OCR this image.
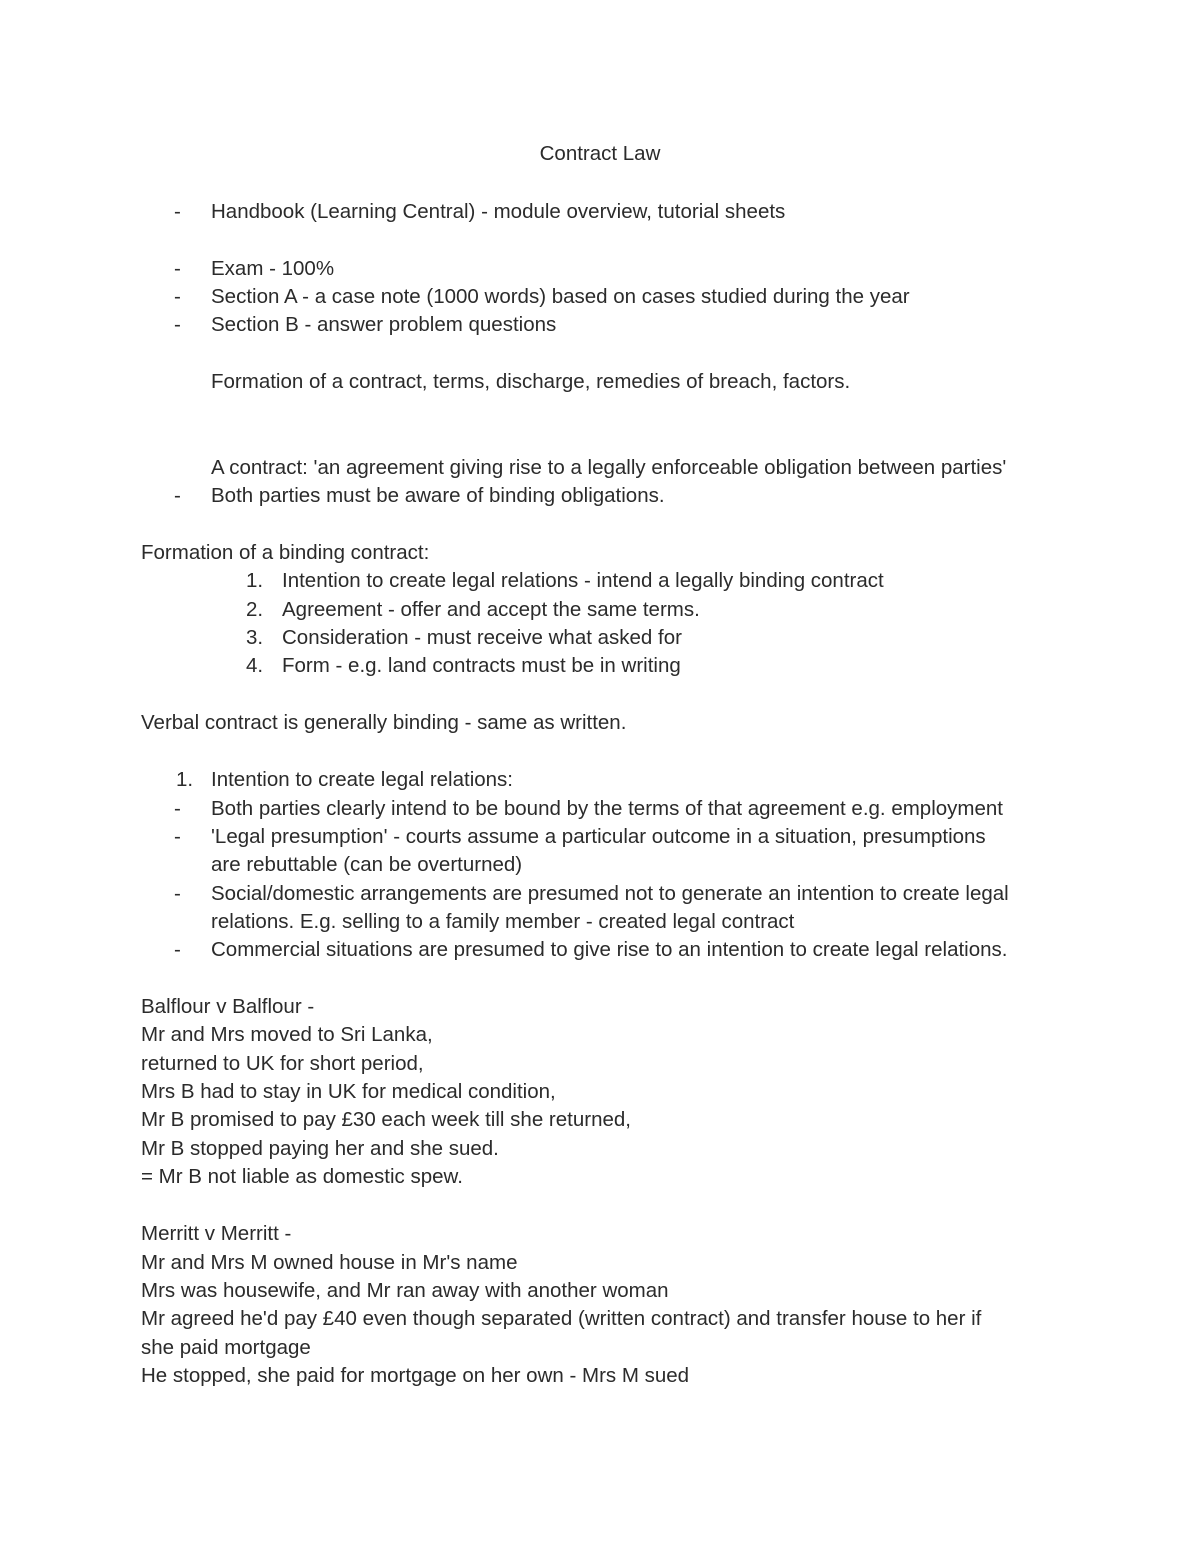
Contract Law
-	Handbook (Learning Central) - module overview, tutorial sheets
-	Exam - 100%
-	Section A - a case note (1000 words) based on cases studied during the year
-	Section B - answer problem questions
Formation of a contract, terms, discharge, remedies of breach, factors.
A contract: 'an agreement giving rise to a legally enforceable obligation between parties'
-	Both parties must be aware of binding obligations.
Formation of a binding contract:
1. Intention to create legal relations - intend a legally binding contract
2. Agreement - offer and accept the same terms.
3. Consideration - must receive what asked for
4. Form - e.g. land contracts must be in writing
Verbal contract is generally binding - same as written.
1. Intention to create legal relations:
-	Both parties clearly intend to be bound by the terms of that agreement e.g. employment
-	'Legal presumption' - courts assume a particular outcome in a situation, presumptions
are rebuttable (can be overturned)
-	Social/domestic arrangements are presumed not to generate an intention to create legal
relations. E.g. selling to a family member - created legal contract
-	Commercial situations are presumed to give rise to an intention to create legal relations.
Balflour v Balflour -
Mr and Mrs moved to Sri Lanka,
returned to UK for short period,
Mrs B had to stay in UK for medical condition,
Mr B promised to pay £30 each week till she returned,
Mr B stopped paying her and she sued.
= Mr B not liable as domestic spew.
Merritt v Merritt -
Mr and Mrs M owned house in Mr's name
Mrs was housewife, and Mr ran away with another woman
Mr agreed he'd pay £40 even though separated (written contract) and transfer house to her if
she paid mortgage
He stopped, she paid for mortgage on her own - Mrs M sued
